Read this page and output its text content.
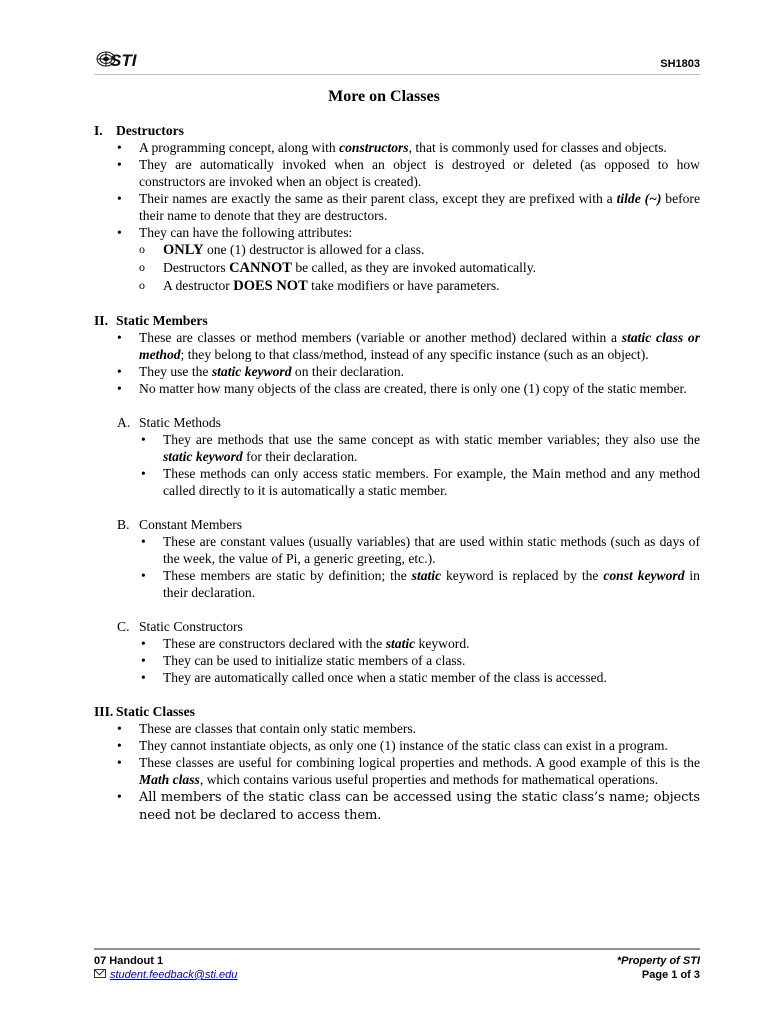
STI	SH1803
More on Classes

I. Destructors

• A programming concept, along with constructors, that is commonly used for classes and objects.
• They are automatically invoked when an object is destroyed or deleted (as opposed to how constructors are invoked when an object is created).
• Their names are exactly the same as their parent class, except they are prefixed with a tilde (~) before their name to denote that they are destructors.
• They can have the following attributes:
o ONLY one (1) destructor is allowed for a class.
o Destructors CANNOT be called, as they are invoked automatically.
o A destructor DOES NOT take modifiers or have parameters.

II. Static Members

• These are classes or method members (variable or another method) declared within a static class or method; they belong to that class/method, instead of any specific instance (such as an object).
• They use the static keyword on their declaration.
• No matter how many objects of the class are created, there is only one (1) copy of the static member.

A. Static Methods

• They are methods that use the same concept as with static member variables; they also use the static keyword for their declaration.
• These methods can only access static members. For example, the Main method and any method called directly to it is automatically a static member.

B. Constant Members

• These are constant values (usually variables) that are used within static methods (such as days of the week, the value of Pi, a generic greeting, etc.).
• These members are static by definition; the static keyword is replaced by the const keyword in their declaration.

C. Static Constructors

• These are constructors declared with the static keyword.
• They can be used to initialize static members of a class.
• They are automatically called once when a static member of the class is accessed.

III. Static Classes

• These are classes that contain only static members.
• They cannot instantiate objects, as only one (1) instance of the static class can exist in a program.
• These classes are useful for combining logical properties and methods. A good example of this is the Math class, which contains various useful properties and methods for mathematical operations.
• All members of the static class can be accessed using the static class’s name; objects need not be declared to access them.
07 Handout 1
student.feedback@sti.edu
*Property of STI
Page 1 of 3
